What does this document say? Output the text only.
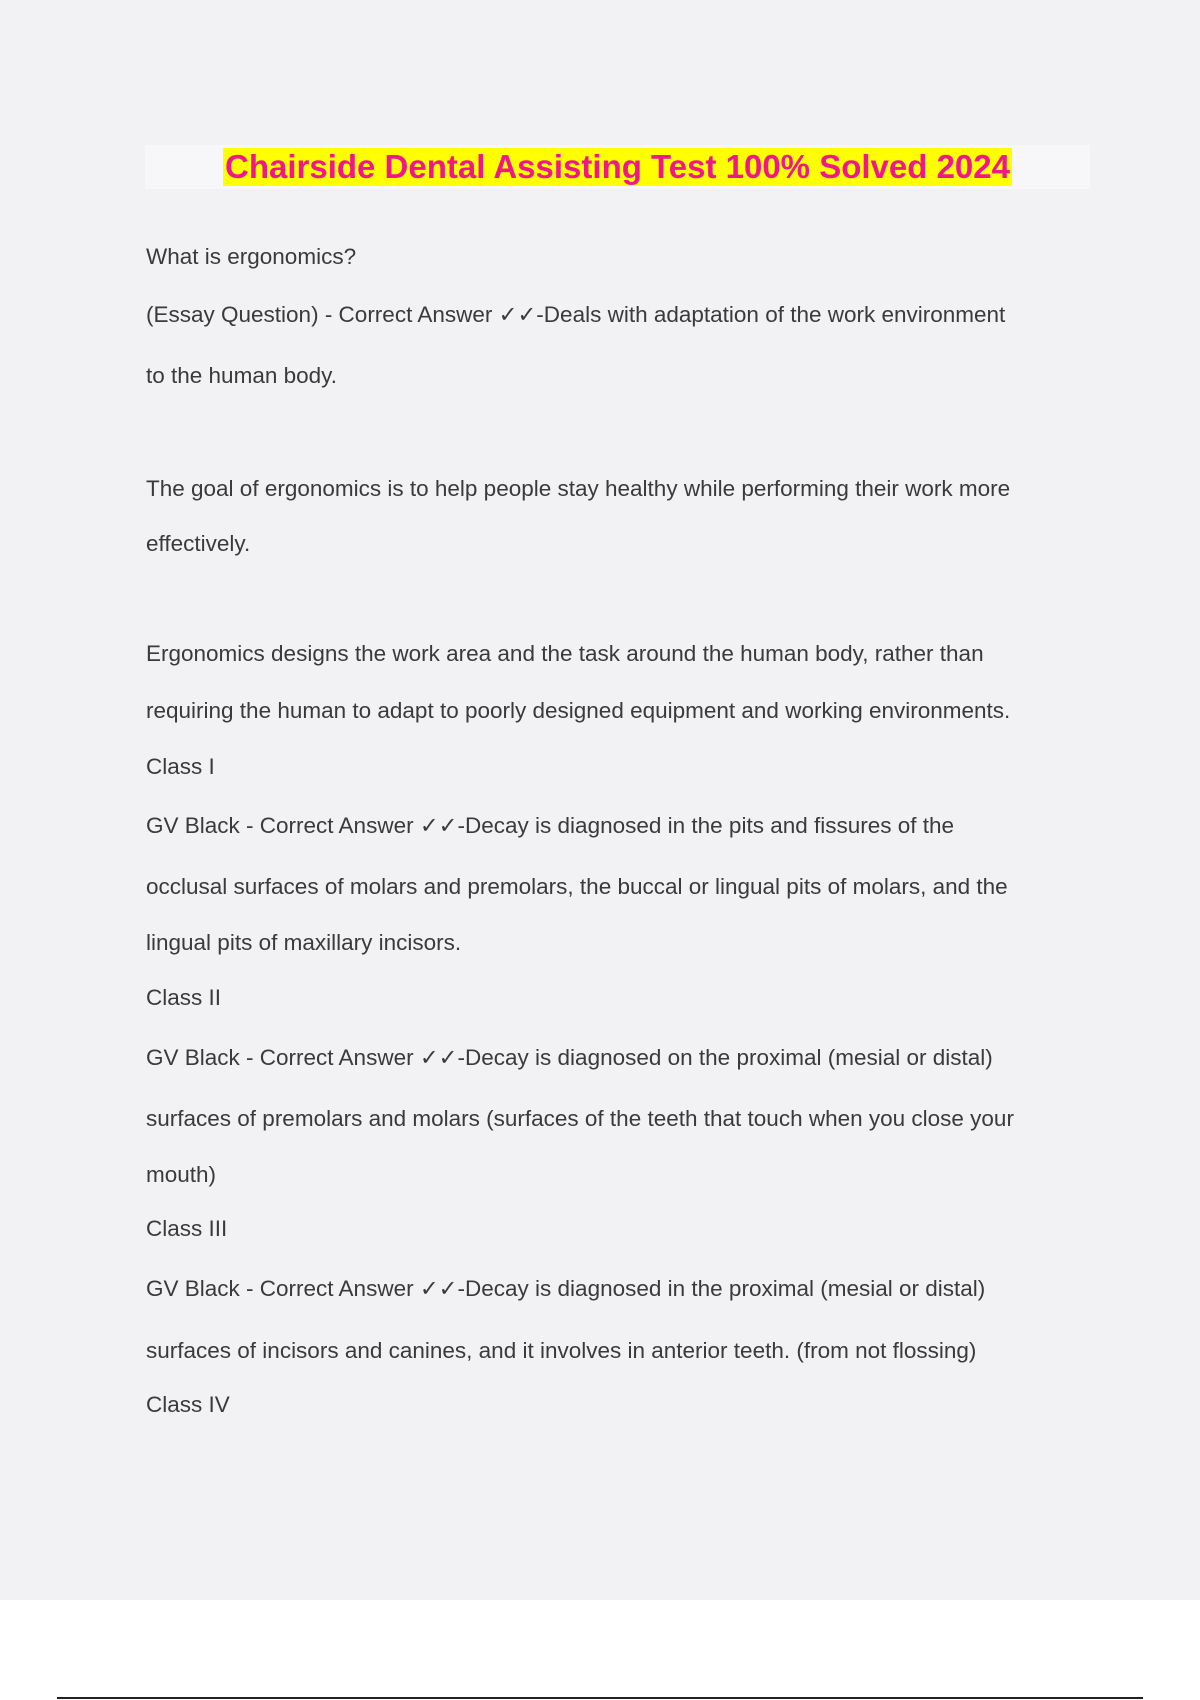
Chairside Dental Assisting Test 100% Solved 2024
What is ergonomics?
(Essay Question) - Correct Answer ✓✓-Deals with adaptation of the work environment
to the human body.
The goal of ergonomics is to help people stay healthy while performing their work more
effectively.
Ergonomics designs the work area and the task around the human body, rather than
requiring the human to adapt to poorly designed equipment and working environments.
Class I
GV Black - Correct Answer ✓✓-Decay is diagnosed in the pits and fissures of the
occlusal surfaces of molars and premolars, the buccal or lingual pits of molars, and the
lingual pits of maxillary incisors.
Class II
GV Black - Correct Answer ✓✓-Decay is diagnosed on the proximal (mesial or distal)
surfaces of premolars and molars (surfaces of the teeth that touch when you close your
mouth)
Class III
GV Black - Correct Answer ✓✓-Decay is diagnosed in the proximal (mesial or distal)
surfaces of incisors and canines, and it involves in anterior teeth. (from not flossing)
Class IV
